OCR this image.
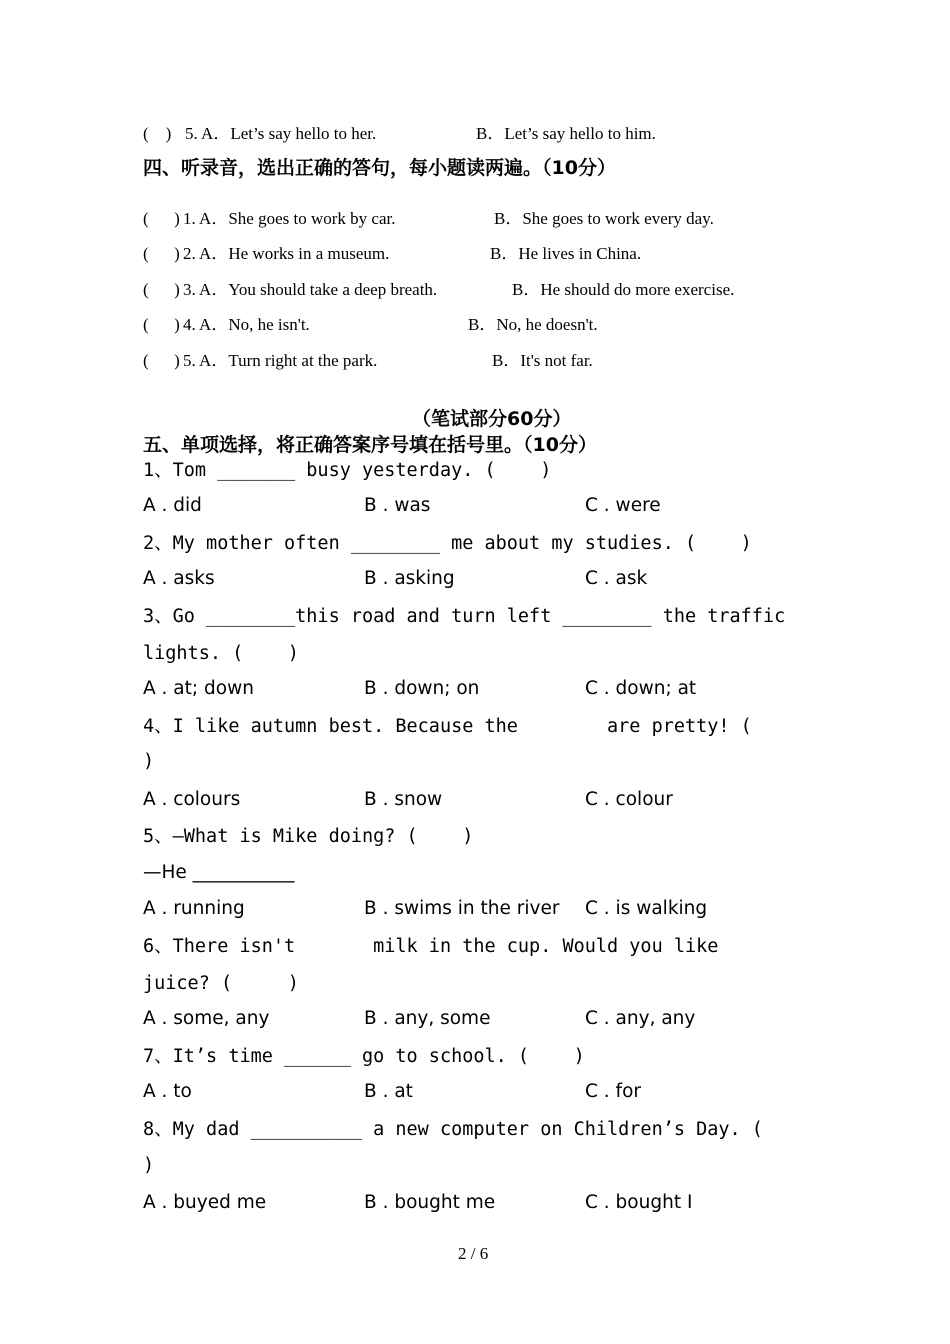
(    ) 5. A．Let’s say hello to her.	B．Let’s say hello to him.
四、听录音，选出正确的答句，每小题读两遍。（10分）
(      ) 1. A．She goes to work by car.	B．She goes to work every day.
(      ) 2. A．He works in a museum.	B．He lives in China.
(      ) 3. A．You should take a deep breath.	B．He should do more exercise.
(      ) 4. A．No, he isn't.	B．No, he doesn't.
(      ) 5. A．Turn right at the park.	B．It's not far.
（笔试部分60分）
五、单项选择，将正确答案序号填在括号里。（10分）
1、Tom _______ busy yesterday. (    )
A . did	B . was	C . were
2、My mother often ________ me about my studies. (    )
A . asks	B . asking	C . ask
3、Go ________this road and turn left ________ the traffic
lights. (    )
A . at; down	B . down; on	C . down; at
4、I like autumn best. Because the        are pretty! (
)
A . colours	B . snow	C . colour
5、—What is Mike doing? (    )
—He ___________
A . running	B . swims in the river C . is walking
6、There isn't       milk in the cup. Would you like
juice? (     )
A . some, any	B . any, some	C . any, any
7、It’s time ______ go to school. (    )
A . to	B . at	C . for
8、My dad __________ a new computer on Children’s Day. (
)
A . buyed me	B . bought me	C . bought I
2 / 6
